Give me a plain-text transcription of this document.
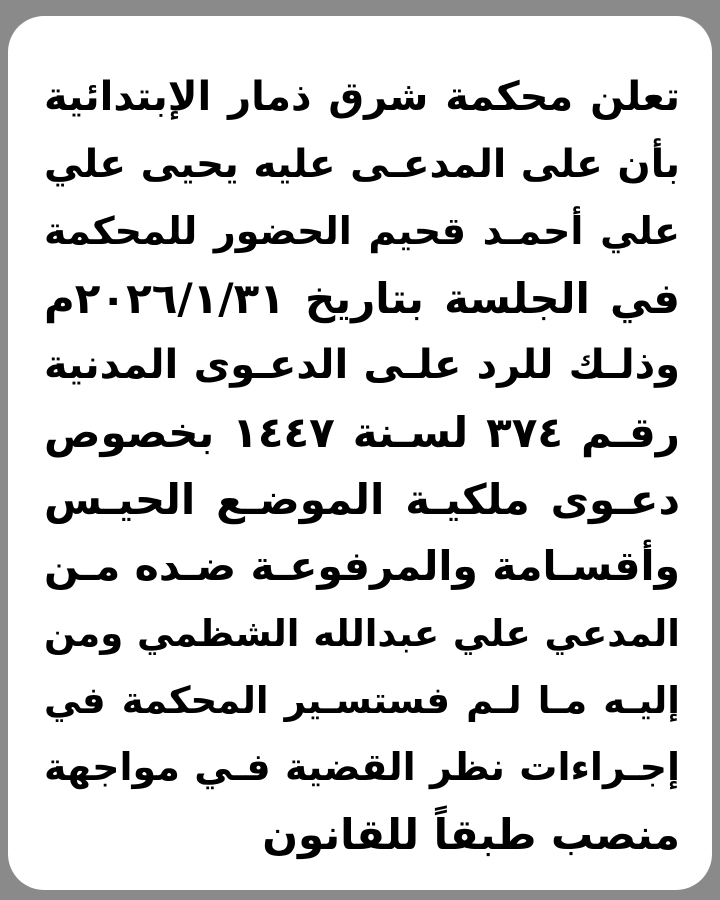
تعلن محكمة شرق ذمار الإبتدائية
بأن على المدعـى عليه يحيى علي
علي أحمـد قحيم الحضور للمحكمة
في الجلسة بتاريخ ٢٠٢٦/١/٣١م
وذلـك للرد علـى الدعـوى المدنية
رقـم ٣٧٤ لسـنة ١٤٤٧ بخصوص
دعـوى ملكيـة الموضـع الحيـس
وأقسـامة والمرفوعـة ضـده مـن
المدعي علي عبدالله الشظمي ومن
إليـه مـا لـم فستسـير المحكمة في
إجـراءات نظر القضية فـي مواجهة
منصب طبقاً للقانون
